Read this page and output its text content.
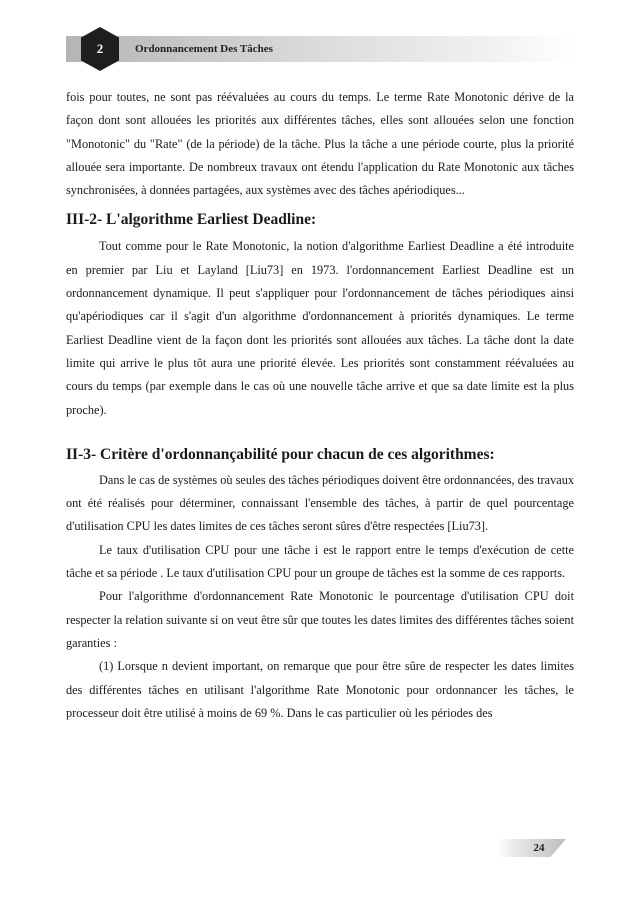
2	Ordonnancement Des Tâches

fois pour toutes, ne sont pas réévaluées au cours du temps. Le terme Rate Monotonic dérive de la façon dont sont allouées les priorités aux différentes tâches, elles sont allouées selon une fonction "Monotonic" du "Rate" (de la période) de la tâche. Plus la tâche a une période courte, plus la priorité allouée sera importante. De nombreux travaux ont étendu l'application du Rate Monotonic aux tâches synchronisées, à données partagées, aux systèmes avec des tâches apériodiques...

III-2- L'algorithme Earliest Deadline:

Tout comme pour le Rate Monotonic, la notion d'algorithme Earliest Deadline a été introduite en premier par Liu et Layland [Liu73] en 1973. l'ordonnancement Earliest Deadline est un ordonnancement dynamique. Il peut s'appliquer pour l'ordonnancement de tâches périodiques ainsi qu'apériodiques car il s'agit d'un algorithme d'ordonnancement à priorités dynamiques. Le terme Earliest Deadline vient de la façon dont les priorités sont allouées aux tâches. La tâche dont la date limite qui arrive le plus tôt aura une priorité élevée. Les priorités sont constamment réévaluées au cours du temps (par exemple dans le cas où une nouvelle tâche arrive et que sa date limite est la plus proche).

II-3- Critère d'ordonnançabilité pour chacun de ces algorithmes:

Dans le cas de systèmes où seules des tâches périodiques doivent être ordonnancées, des travaux ont été réalisés pour déterminer, connaissant l'ensemble des tâches, à partir de quel pourcentage d'utilisation CPU les dates limites de ces tâches seront sûres d'être respectées [Liu73].

Le taux d'utilisation CPU pour une tâche i est le rapport entre le temps d'exécution de cette tâche et sa période . Le taux d'utilisation CPU pour un groupe de tâches est la somme de ces rapports.

Pour l'algorithme d'ordonnancement Rate Monotonic le pourcentage d'utilisation CPU doit respecter la relation suivante si on veut être sûr que toutes les dates limites des différentes tâches soient garanties :

(1) Lorsque n devient important, on remarque que pour être sûre de respecter les dates limites des différentes tâches en utilisant l'algorithme Rate Monotonic pour ordonnancer les tâches, le processeur doit être utilisé à moins de 69 %. Dans le cas particulier où les périodes des

24
